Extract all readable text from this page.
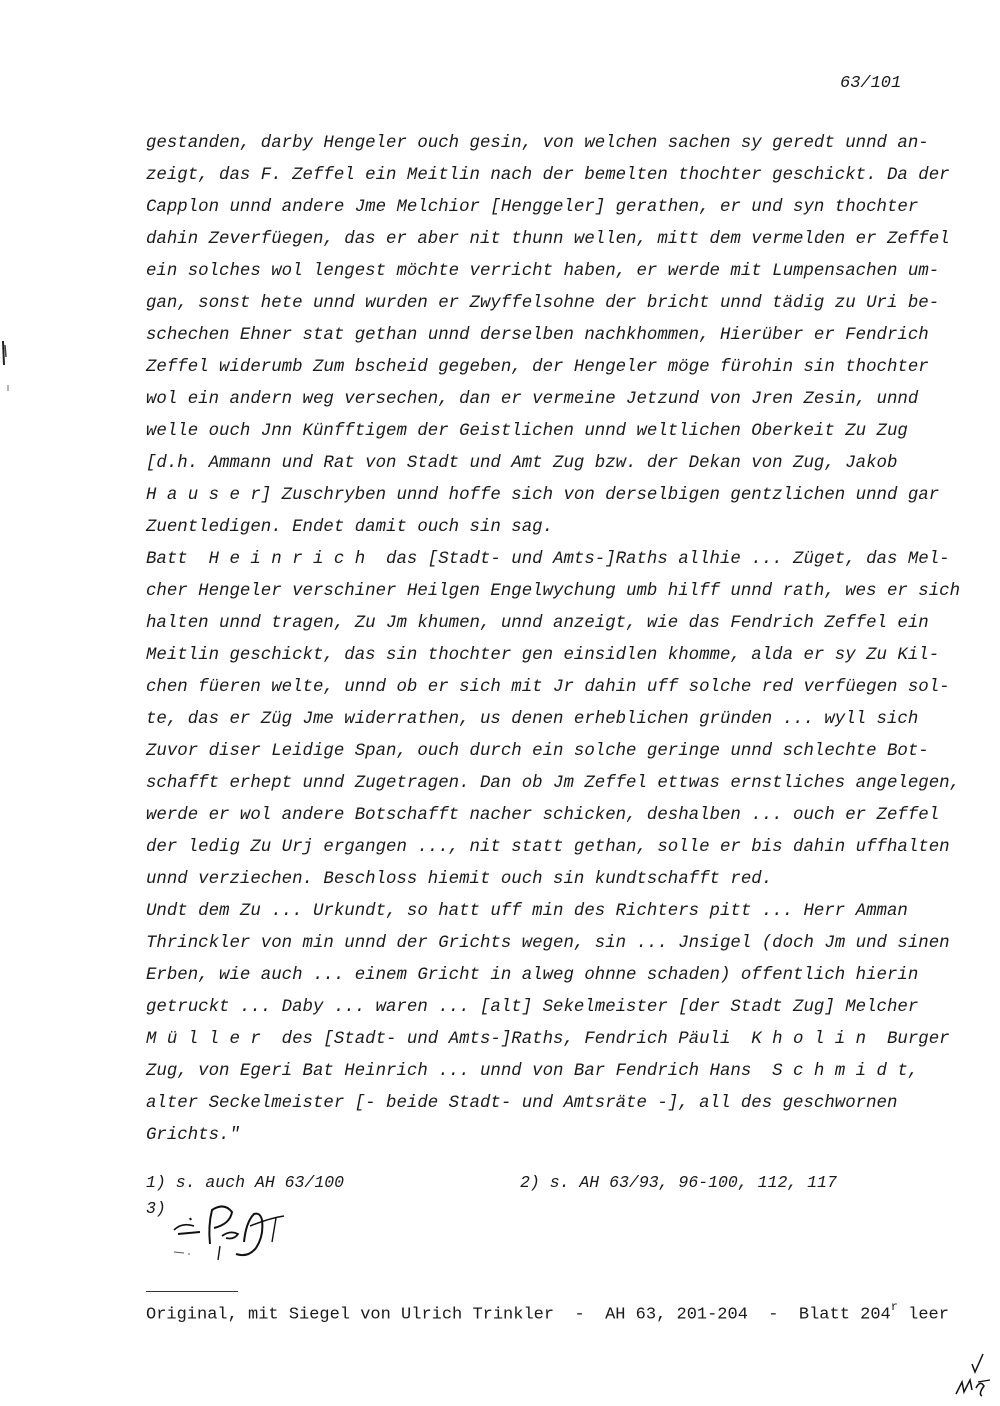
63/101
gestanden, darby Hengeler ouch gesin, von welchen sachen sy geredt unnd an-
zeigt, das F. Zeffel ein Meitlin nach der bemelten thochter geschickt. Da der
Capplon unnd andere Jme Melchior [Henggeler] gerathen, er und syn thochter
dahin Zeverfüegen, das er aber nit thunn wellen, mitt dem vermelden er Zeffel
ein solches wol lengest möchte verricht haben, er werde mit Lumpensachen um-
gan, sonst hete unnd wurden er Zwyffelsohne der bricht unnd tädig zu Uri be-
schechen Ehner stat gethan unnd derselben nachkhommen, Hierüber er Fendrich
Zeffel widerumb Zum bscheid gegeben, der Hengeler möge fürohin sin thochter
wol ein andern weg versechen, dan er vermeine Jetzund von Jren Zesin, unnd
welle ouch Jnn Künfftigem der Geistlichen unnd weltlichen Oberkeit Zu Zug
[d.h. Ammann und Rat von Stadt und Amt Zug bzw. der Dekan von Zug, Jakob
H a u s e r] Zuschryben unnd hoffe sich von derselbigen gentzlichen unnd gar
Zuentledigen. Endet damit ouch sin sag.
Batt  H e i n r i c h  das [Stadt- und Amts-]Raths allhie ... Züget, das Mel-
cher Hengeler verschiner Heilgen Engelwychung umb hilff unnd rath, wes er sich
halten unnd tragen, Zu Jm khumen, unnd anzeigt, wie das Fendrich Zeffel ein
Meitlin geschickt, das sin thochter gen einsidlen khomme, alda er sy Zu Kil-
chen füeren welte, unnd ob er sich mit Jr dahin uff solche red verfüegen sol-
te, das er Züg Jme widerrathen, us denen erheblichen gründen ... wyll sich
Zuvor diser Leidige Span, ouch durch ein solche geringe unnd schlechte Bot-
schafft erhept unnd Zugetragen. Dan ob Jm Zeffel ettwas ernstliches angelegen,
werde er wol andere Botschafft nacher schicken, deshalben ... ouch er Zeffel
der ledig Zu Urj ergangen ..., nit statt gethan, solle er bis dahin uffhalten
unnd verziechen. Beschloss hiemit ouch sin kundtschafft red.
Undt dem Zu ... Urkundt, so hatt uff min des Richters pitt ... Herr Amman
Thrinckler von min unnd der Grichts wegen, sin ... Jnsigel (doch Jm und sinen
Erben, wie auch ... einem Gricht in alweg ohnne schaden) offentlich hierin
getruckt ... Daby ... waren ... [alt] Sekelmeister [der Stadt Zug] Melcher
M ü l l e r  des [Stadt- und Amts-]Raths, Fendrich Päuli  K h o l i n  Burger
Zug, von Egeri Bat Heinrich ... unnd von Bar Fendrich Hans  S c h m i d t,
alter Seckelmeister [- beide Stadt- und Amtsräte -], all des geschwornen
Grichts."
1) s. auch AH 63/100	2) s. AH 63/93, 96-100, 112, 117
3)
Original, mit Siegel von Ulrich Trinkler  -  AH 63, 201-204  -  Blatt 204$^r$ leer
